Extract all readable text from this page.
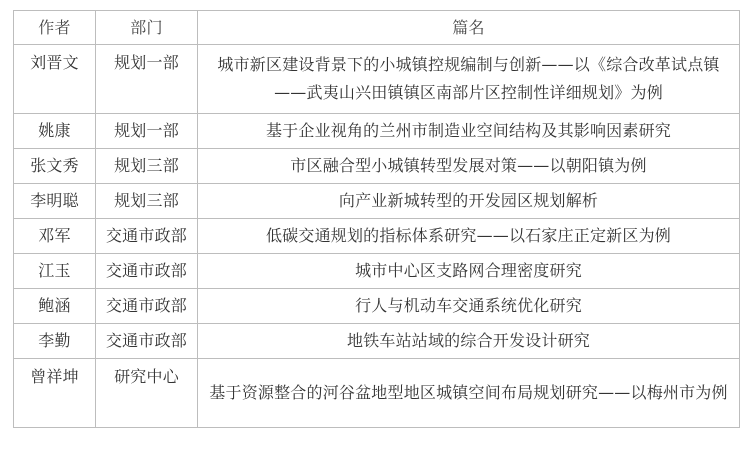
作者	部门	篇名
刘晋文	规划一部	城市新区建设背景下的小城镇控规编制与创新——以《综合改革试点镇——武夷山兴田镇镇区南部片区控制性详细规划》为例
姚康	规划一部	基于企业视角的兰州市制造业空间结构及其影响因素研究
张文秀	规划三部	市区融合型小城镇转型发展对策——以朝阳镇为例
李明聪	规划三部	向产业新城转型的开发园区规划解析
邓军	交通市政部	低碳交通规划的指标体系研究——以石家庄正定新区为例
江玉	交通市政部	城市中心区支路网合理密度研究
鲍涵	交通市政部	行人与机动车交通系统优化研究
李勤	交通市政部	地铁车站站域的综合开发设计研究
曾祥坤	研究中心	基于资源整合的河谷盆地型地区城镇空间布局规划研究——以梅州市为例
